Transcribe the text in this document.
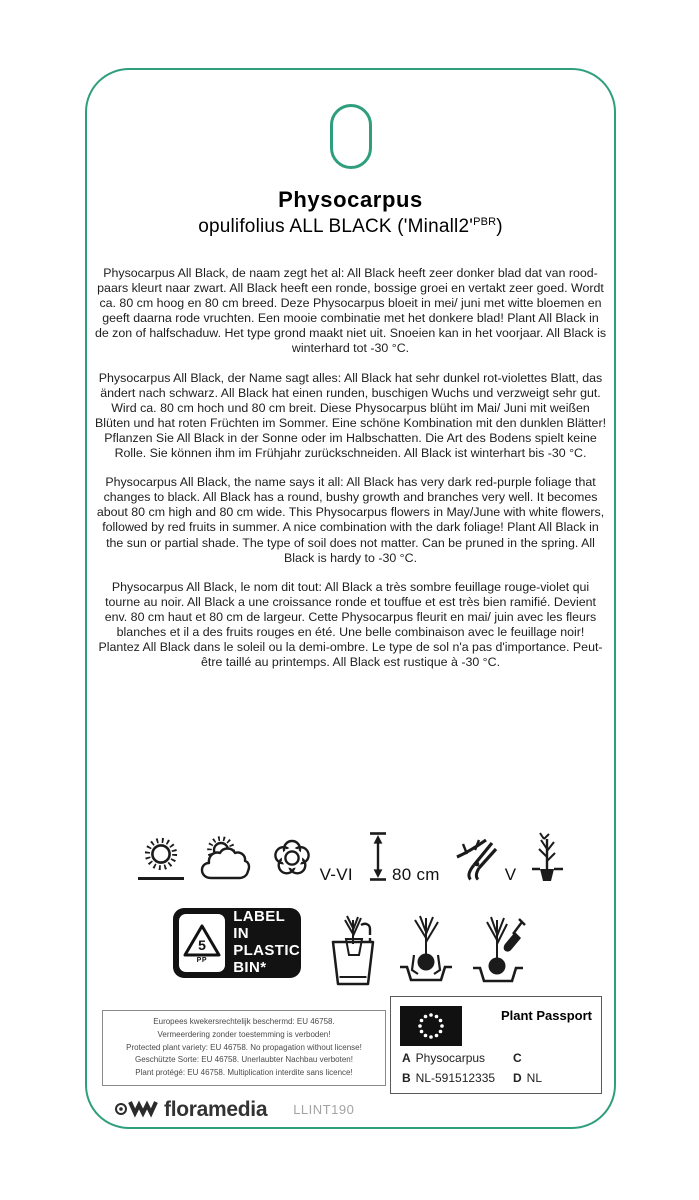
Physocarpus
opulifolius ALL BLACK $('Minall2'^{PBR})$

Physocarpus All Black, de naam zegt het al: All Black heeft zeer donker blad dat van rood-paars kleurt naar zwart. All Black heeft een ronde, bossige groei en vertakt zeer goed. Wordt ca. 80 cm hoog en 80 cm breed. Deze Physocarpus bloeit in mei/ juni met witte bloemen en geeft daarna rode vruchten. Een mooie combinatie met het donkere blad! Plant All Black in de zon of halfschaduw. Het type grond maakt niet uit. Snoeien kan in het voorjaar. All Black is winterhard tot -30 °C.

Physocarpus All Black, der Name sagt alles: All Black hat sehr dunkel rot-violettes Blatt, das ändert nach schwarz. All Black hat einen runden, buschigen Wuchs und verzweigt sehr gut. Wird ca. 80 cm hoch und 80 cm breit. Diese Physocarpus blüht im Mai/ Juni mit weißen Blüten und hat roten Früchten im Sommer. Eine schöne Kombination mit den dunklen Blätter! Pflanzen Sie All Black in der Sonne oder im Halbschatten. Die Art des Bodens spielt keine Rolle. Sie können ihm im Frühjahr zurückschneiden. All Black ist winterhart bis -30 °C.

Physocarpus All Black, the name says it all: All Black has very dark red-purple foliage that changes to black. All Black has a round, bushy growth and branches very well. It becomes about 80 cm high and 80 cm wide. This Physocarpus flowers in May/June with white flowers, followed by red fruits in summer. A nice combination with the dark foliage! Plant All Black in the sun or partial shade. The type of soil does not matter. Can be pruned in the spring. All Black is hardy to -30 °C.

Physocarpus All Black, le nom dit tout: All Black a très sombre feuillage rouge-violet qui tourne au noir. All Black a une croissance ronde et touffue et est très bien ramifié. Devient env. 80 cm haut et 80 cm de largeur. Cette Physocarpus fleurit en mai/ juin avec les fleurs blanches et il a des fruits rouges en été. Une belle combinaison avec le feuillage noir! Plantez All Black dans le soleil ou la demi-ombre. Le type de sol n'a pas d'importance. Peut-être taillé au printemps. All Black est rustique à -30 °C.

V-VI 80 cm	V
5
PP
LABEL IN
PLASTIC
BIN*
Europees kwekersrechtelijk beschermd: EU 46758.
Vermeerdering zonder toestemming is verboden!
Protected plant variety: EU 46758. No propagation without license!
Geschützte Sorte: EU 46758. Unerlaubter Nachbau verboten!
Plant protégé: EU 46758. Multiplication interdite sans licence!
Plant Passport
A Physocarpus
B NL-591512335
C
D NL
floramedia LLINT190
